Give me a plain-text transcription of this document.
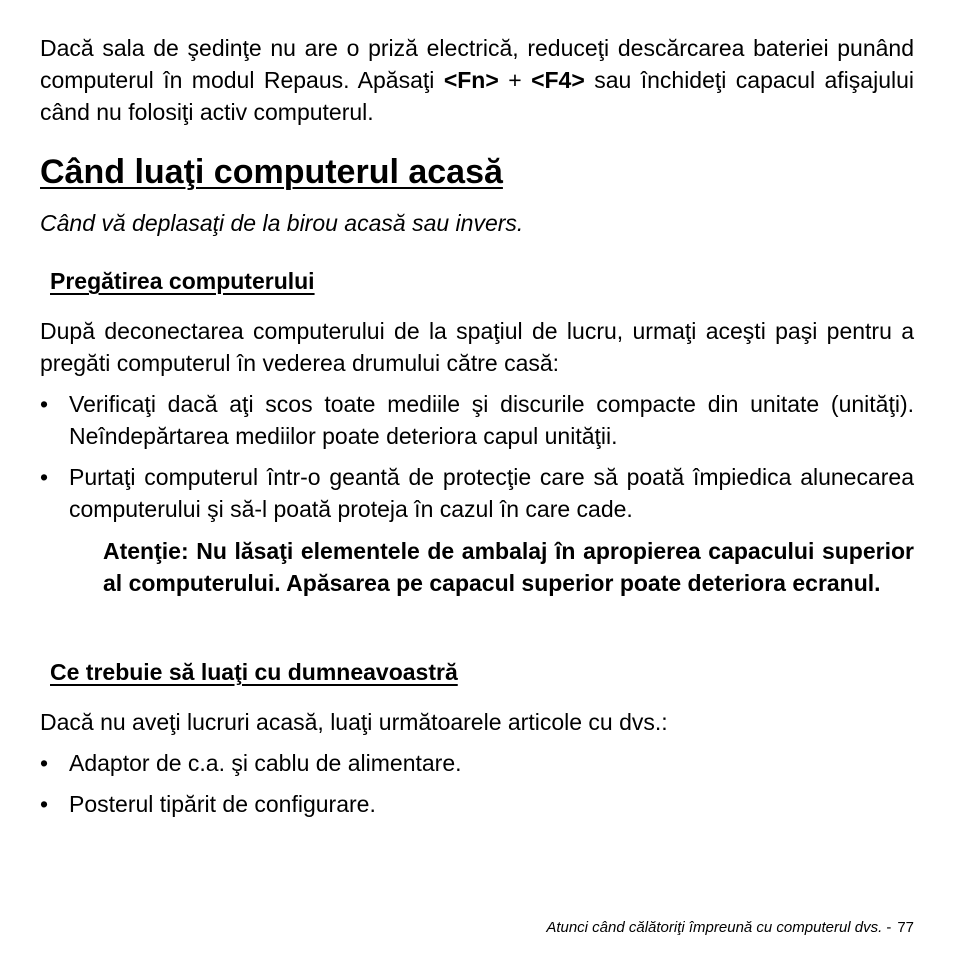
Dacă sala de şedinţe nu are o priză electrică, reduceţi descărcarea bateriei punând computerul în modul Repaus. Apăsaţi <Fn> + <F4> sau închideţi capacul afişajului când nu folosiţi activ computerul.

Când luaţi computerul acasă

Când vă deplasaţi de la birou acasă sau invers.

Pregătirea computerului

După deconectarea computerului de la spaţiul de lucru, urmaţi aceşti paşi pentru a pregăti computerul în vederea drumului către casă:

• Verificaţi dacă aţi scos toate mediile şi discurile compacte din unitate (unităţi). Neîndepărtarea mediilor poate deteriora capul unităţii.
• Purtaţi computerul într-o geantă de protecţie care să poată împiedica alunecarea computerului şi să-l poată proteja în cazul în care cade.
Atenţie: Nu lăsaţi elementele de ambalaj în apropierea capacului superior al computerului. Apăsarea pe capacul superior poate deteriora ecranul.
Ce trebuie să luaţi cu dumneavoastră

Dacă nu aveţi lucruri acasă, luaţi următoarele articole cu dvs.:

• Adaptor de c.a. şi cablu de alimentare.
• Posterul tipărit de configurare.
Atunci când călătoriţi împreună cu computerul dvs. - 77
